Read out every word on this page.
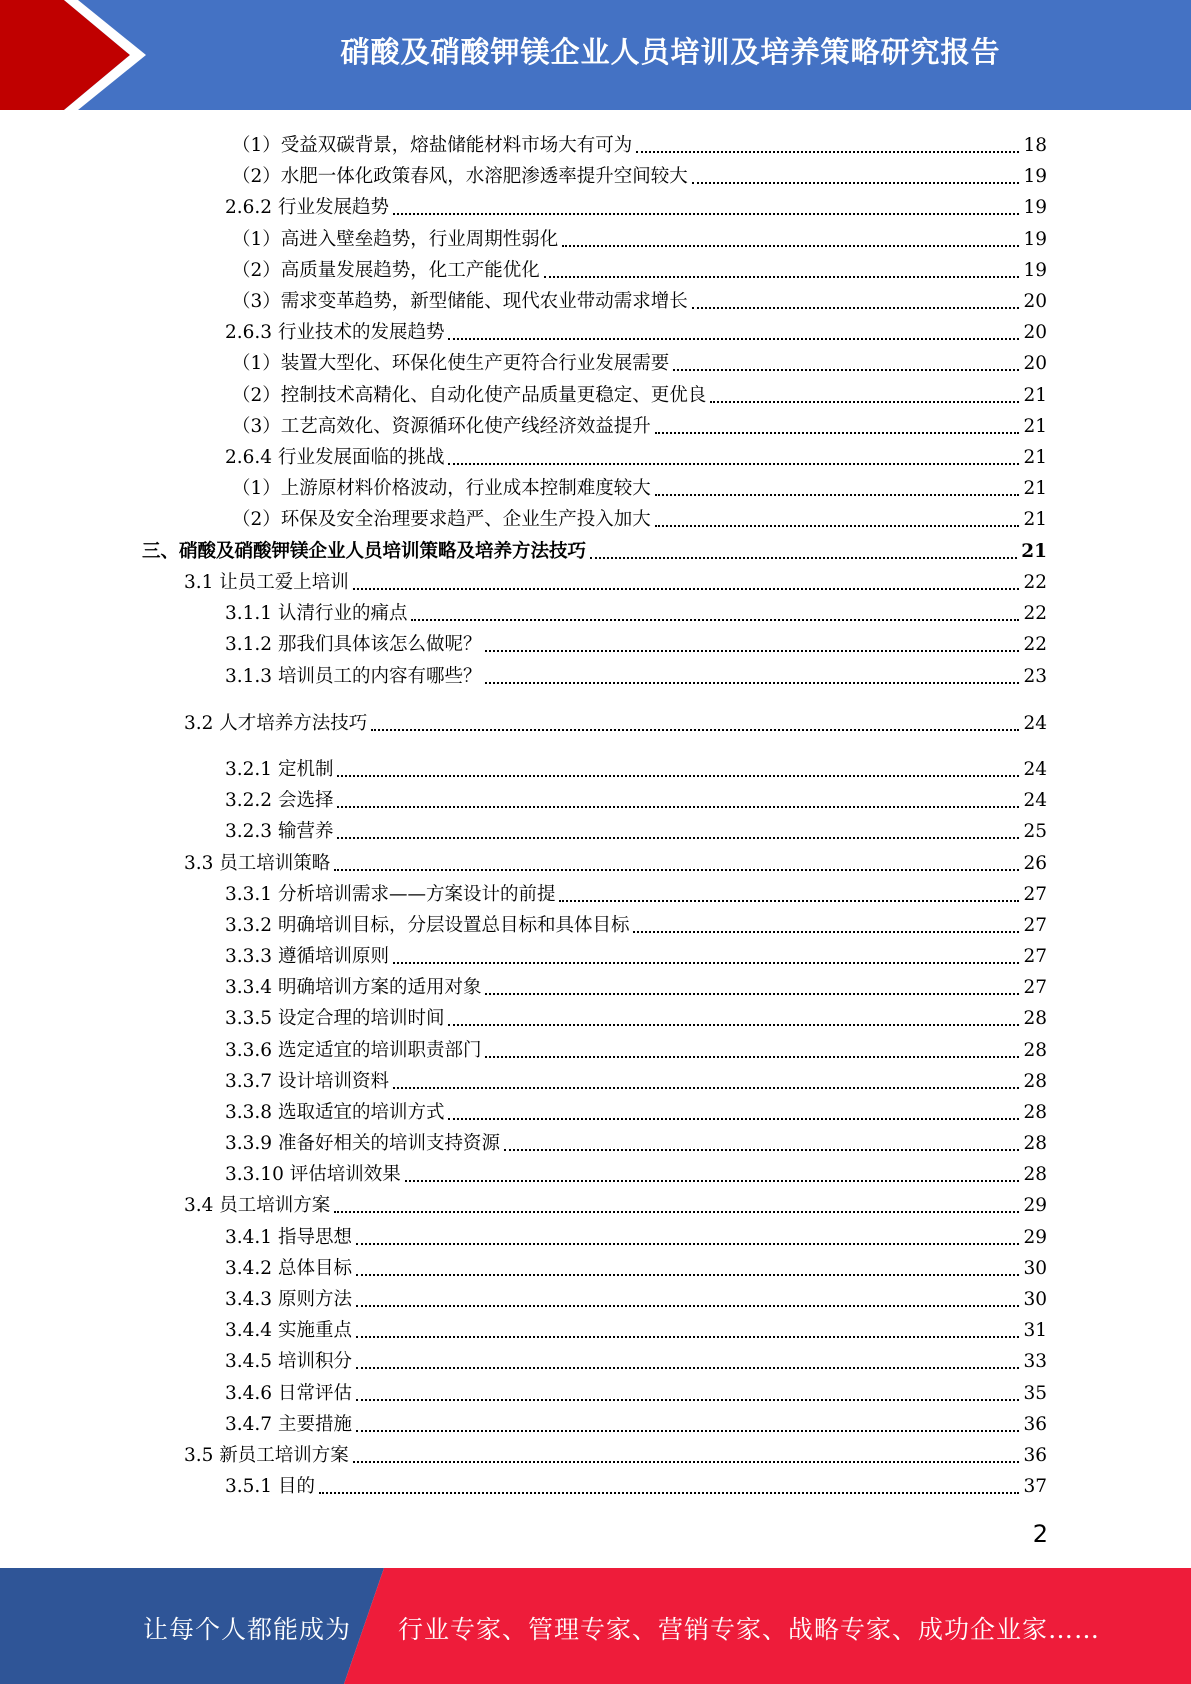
硝酸及硝酸钾镁企业人员培训及培养策略研究报告
（1）受益双碳背景，熔盐储能材料市场大有可为	18
（2）水肥一体化政策春风，水溶肥渗透率提升空间较大	19
2.6.2 行业发展趋势	19
（1）高进入壁垒趋势，行业周期性弱化	19
（2）高质量发展趋势，化工产能优化	19
（3）需求变革趋势，新型储能、现代农业带动需求增长	20
2.6.3 行业技术的发展趋势	20
（1）装置大型化、环保化使生产更符合行业发展需要	20
（2）控制技术高精化、自动化使产品质量更稳定、更优良	21
（3）工艺高效化、资源循环化使产线经济效益提升	21
2.6.4 行业发展面临的挑战	21
（1）上游原材料价格波动，行业成本控制难度较大	21
（2）环保及安全治理要求趋严、企业生产投入加大	21
三、硝酸及硝酸钾镁企业人员培训策略及培养方法技巧	21
3.1 让员工爱上培训	22
3.1.1 认清行业的痛点	22
3.1.2 那我们具体该怎么做呢？	22
3.1.3 培训员工的内容有哪些？	23
3.2 人才培养方法技巧	24
3.2.1 定机制	24
3.2.2 会选择	24
3.2.3 输营养	25
3.3 员工培训策略	26
3.3.1 分析培训需求——方案设计的前提	27
3.3.2 明确培训目标，分层设置总目标和具体目标	27
3.3.3 遵循培训原则	27
3.3.4 明确培训方案的适用对象	27
3.3.5 设定合理的培训时间	28
3.3.6 选定适宜的培训职责部门	28
3.3.7 设计培训资料	28
3.3.8 选取适宜的培训方式	28
3.3.9 准备好相关的培训支持资源	28
3.3.10 评估培训效果	28
3.4 员工培训方案	29
3.4.1 指导思想	29
3.4.2 总体目标	30
3.4.3 原则方法	30
3.4.4 实施重点	31
3.4.5 培训积分	33
3.4.6 日常评估	35
3.4.7 主要措施	36
3.5 新员工培训方案	36
3.5.1 目的	37
2
让每个人都能成为 行业专家、管理专家、营销专家、战略专家、成功企业家……
